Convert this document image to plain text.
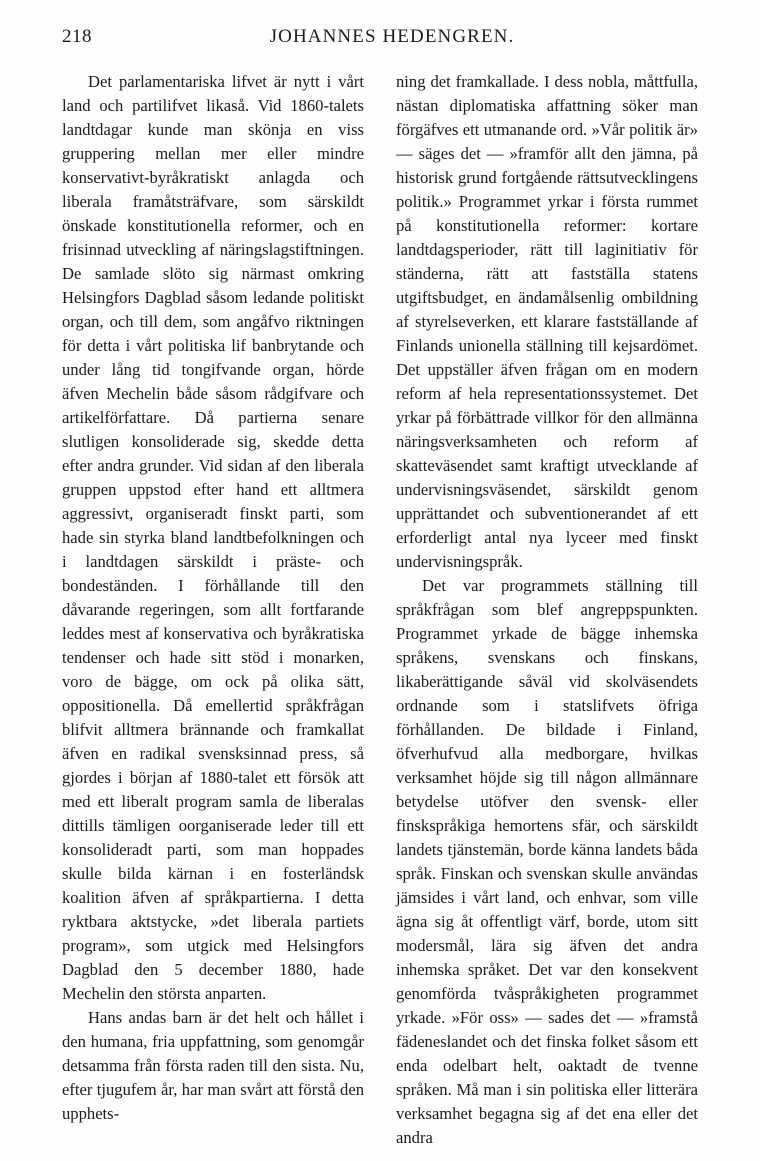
218	JOHANNES HEDENGREN.

Det parlamentariska lifvet är nytt i vårt land och partilifvet likaså. Vid 1860-talets landtdagar kunde man skönja en viss gruppering mellan mer eller mindre konservativt-byråkratiskt anlagda och liberala framåtsträfvare, som särskildt önskade konstitutionella reformer, och en frisinnad utveckling af näringslagstiftningen. De samlade slöto sig närmast omkring Helsingfors Dagblad såsom ledande politiskt organ, och till dem, som angåfvo riktningen för detta i vårt politiska lif banbrytande och under lång tid tongifvande organ, hörde äfven Mechelin både såsom rådgifvare och artikelförfattare. Då partierna senare slutligen konsoliderade sig, skedde detta efter andra grunder. Vid sidan af den liberala gruppen uppstod efter hand ett alltmera aggressivt, organiseradt finskt parti, som hade sin styrka bland landtbefolkningen och i landtdagen särskildt i präste- och bondeständen. I förhållande till den dåvarande regeringen, som allt fortfarande leddes mest af konservativa och byråkratiska tendenser och hade sitt stöd i monarken, voro de bägge, om ock på olika sätt, oppositionella. Då emellertid språkfrågan blifvit alltmera brännande och framkallat äfven en radikal svensksinnad press, så gjordes i början af 1880-talet ett försök att med ett liberalt program samla de liberalas dittills tämligen oorganiserade leder till ett konsolideradt parti, som man hoppades skulle bilda kärnan i en fosterländsk koalition äfven af språkpartierna. I detta ryktbara aktstycke, »det liberala partiets program», som utgick med Helsingfors Dagblad den 5 december 1880, hade Mechelin den största anparten.

Hans andas barn är det helt och hållet i den humana, fria uppfattning, som genomgår detsamma från första raden till den sista. Nu, efter tjugufem år, har man svårt att förstå den upphets-

ning det framkallade. I dess nobla, måttfulla, nästan diplomatiska affattning söker man förgäfves ett utmanande ord. »Vår politik är» — säges det — »framför allt den jämna, på historisk grund fortgående rättsutvecklingens politik.» Programmet yrkar i första rummet på konstitutionella reformer: kortare landtdagsperioder, rätt till laginitiativ för ständerna, rätt att fastställa statens utgiftsbudget, en ändamålsenlig ombildning af styrelseverken, ett klarare fastställande af Finlands unionella ställning till kejsardömet. Det uppställer äfven frågan om en modern reform af hela representationssystemet. Det yrkar på förbättrade villkor för den allmänna näringsverksamheten och reform af skatteväsendet samt kraftigt utvecklande af undervisningsväsendet, särskildt genom upprättandet och subventionerandet af ett erforderligt antal nya lyceer med finskt undervisningspråk.

Det var programmets ställning till språkfrågan som blef angreppspunkten. Programmet yrkade de bägge inhemska språkens, svenskans och finskans, likaberättigande såväl vid skolväsendets ordnande som i statslifvets öfriga förhållanden. De bildade i Finland, öfverhufvud alla medborgare, hvilkas verksamhet höjde sig till någon allmännare betydelse utöfver den svensk- eller finskspråkiga hemortens sfär, och särskildt landets tjänstemän, borde känna landets båda språk. Finskan och svenskan skulle användas jämsides i vårt land, och enhvar, som ville ägna sig åt offentligt värf, borde, utom sitt modersmål, lära sig äfven det andra inhemska språket. Det var den konsekvent genomförda tvåspråkigheten programmet yrkade. »För oss» — sades det — »framstå fädeneslandet och det finska folket såsom ett enda odelbart helt, oaktadt de tvenne språken. Må man i sin politiska eller litterära verksamhet begagna sig af det ena eller det andra
